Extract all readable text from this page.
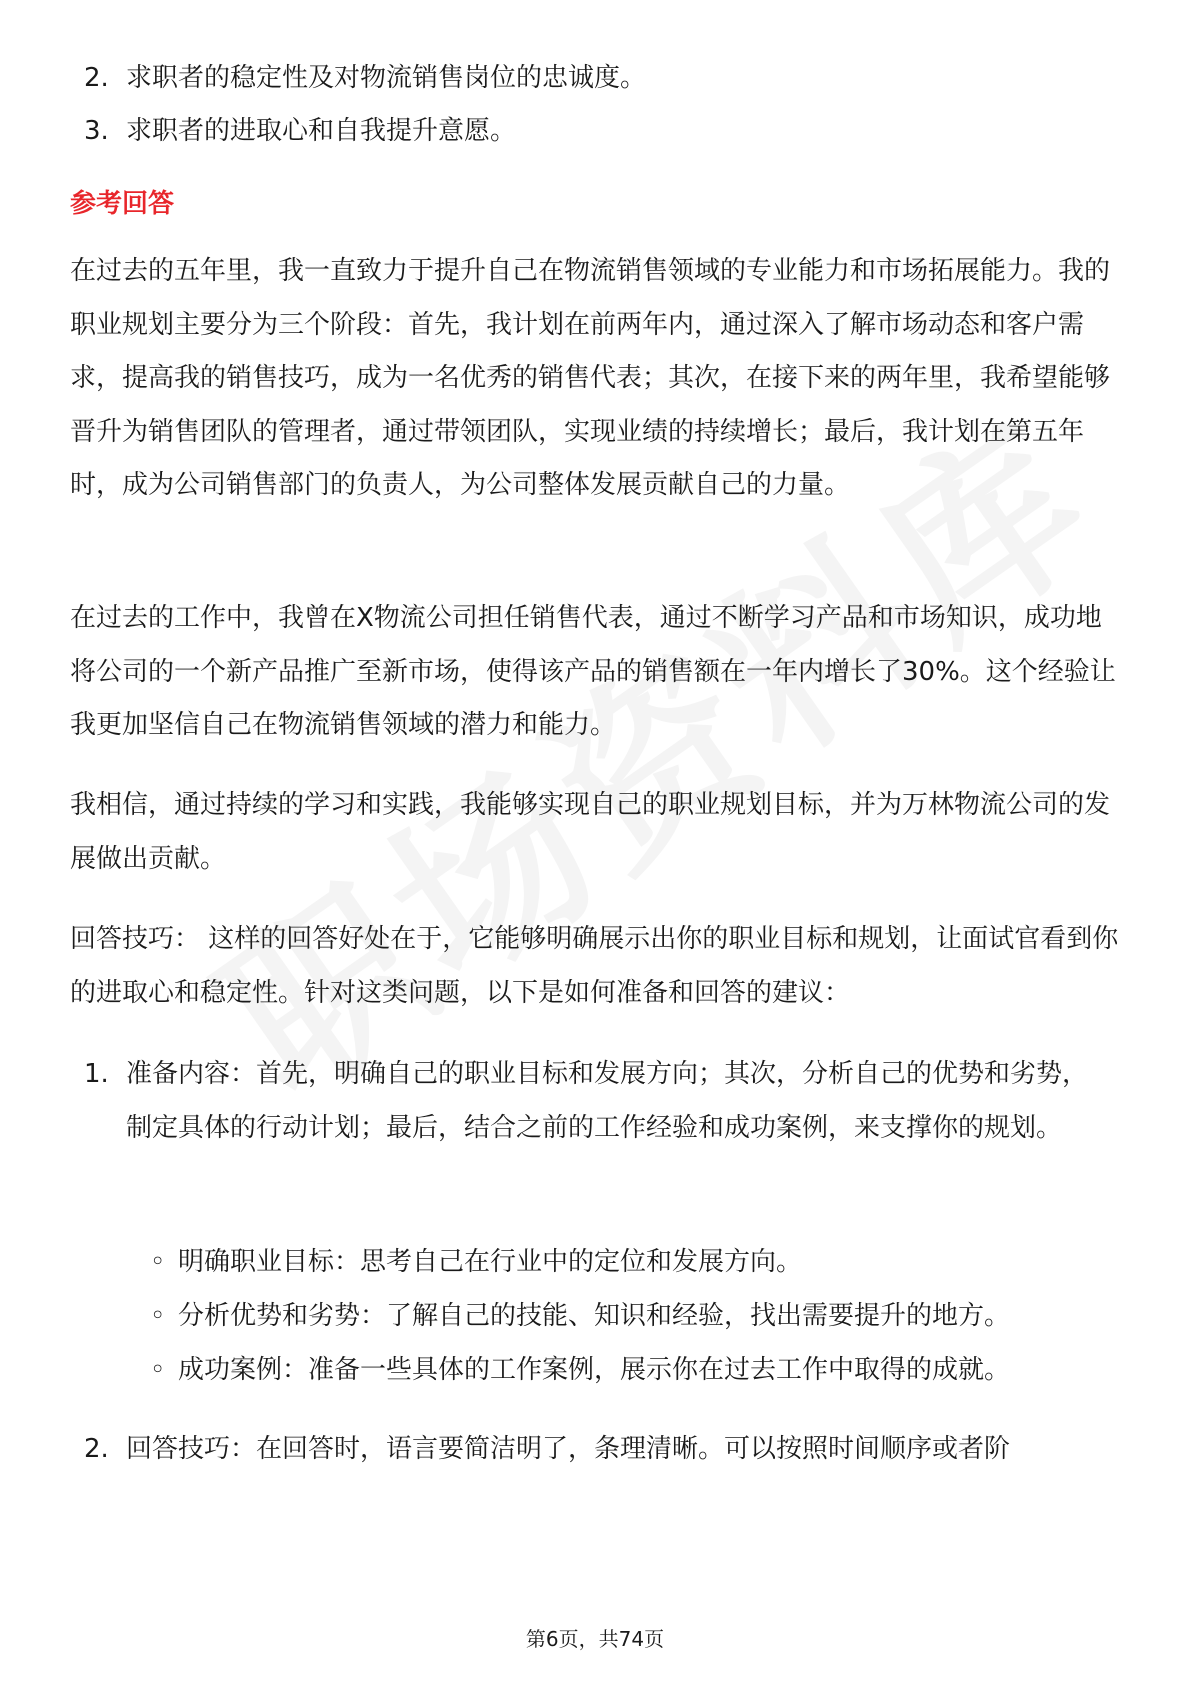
2. 求职者的稳定性及对物流销售岗位的忠诚度。
3. 求职者的进取心和自我提升意愿。
参考回答
在过去的五年里，我一直致力于提升自己在物流销售领域的专业能力和市场拓展能力。我的职业规划主要分为三个阶段：首先，我计划在前两年内，通过深入了解市场动态和客户需求，提高我的销售技巧，成为一名优秀的销售代表；其次，在接下来的两年里，我希望能够晋升为销售团队的管理者，通过带领团队，实现业绩的持续增长；最后，我计划在第五年时，成为公司销售部门的负责人，为公司整体发展贡献自己的力量。
在过去的工作中，我曾在X物流公司担任销售代表，通过不断学习产品和市场知识，成功地将公司的一个新产品推广至新市场，使得该产品的销售额在一年内增长了30%。这个经验让我更加坚信自己在物流销售领域的潜力和能力。
我相信，通过持续的学习和实践，我能够实现自己的职业规划目标，并为万林物流公司的发展做出贡献。
回答技巧： 这样的回答好处在于，它能够明确展示出你的职业目标和规划，让面试官看到你的进取心和稳定性。针对这类问题，以下是如何准备和回答的建议：
1. 准备内容：首先，明确自己的职业目标和发展方向；其次，分析自己的优势和劣势，制定具体的行动计划；最后，结合之前的工作经验和成功案例，来支撑你的规划。
◦ 明确职业目标：思考自己在行业中的定位和发展方向。
◦ 分析优势和劣势：了解自己的技能、知识和经验，找出需要提升的地方。
◦ 成功案例：准备一些具体的工作案例，展示你在过去工作中取得的成就。
2. 回答技巧：在回答时，语言要简洁明了，条理清晰。可以按照时间顺序或者阶
第6页，共74页
